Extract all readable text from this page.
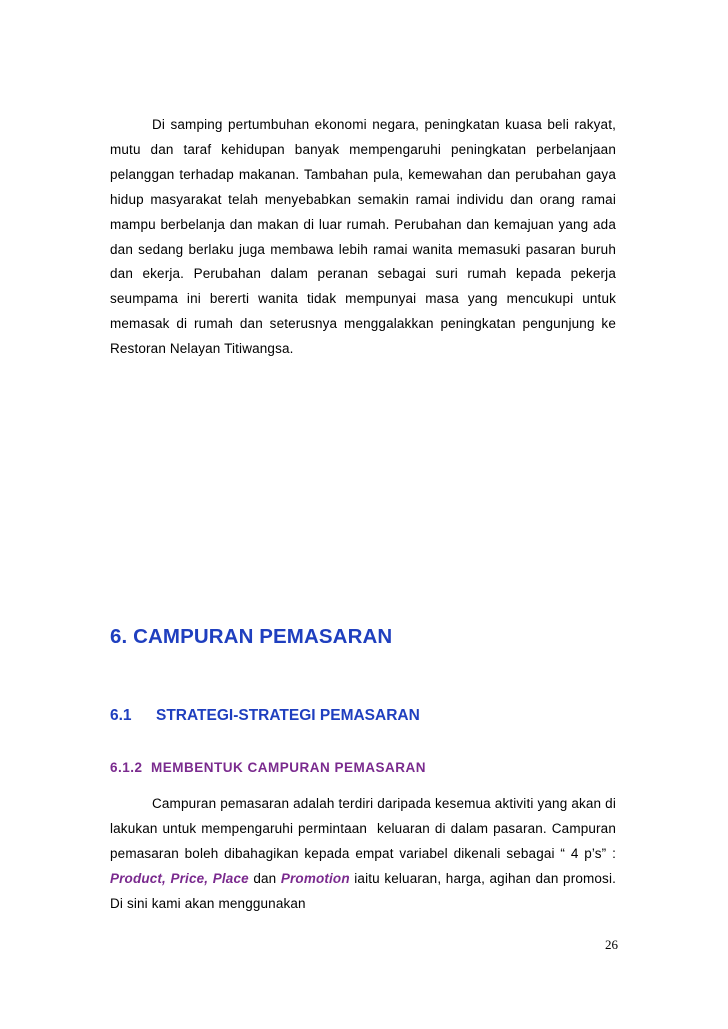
Di samping pertumbuhan ekonomi negara, peningkatan kuasa beli rakyat, mutu dan taraf kehidupan banyak mempengaruhi peningkatan perbelanjaan pelanggan terhadap makanan. Tambahan pula, kemewahan dan perubahan gaya hidup masyarakat telah menyebabkan semakin ramai individu dan orang ramai mampu berbelanja dan makan di luar rumah. Perubahan dan kemajuan yang ada dan sedang berlaku juga membawa lebih ramai wanita memasuki pasaran buruh dan ekerja. Perubahan dalam peranan sebagai suri rumah kepada pekerja seumpama ini bererti wanita tidak mempunyai masa yang mencukupi untuk memasak di rumah dan seterusnya menggalakkan peningkatan pengunjung ke Restoran Nelayan Titiwangsa.

6. CAMPURAN PEMASARAN
6.1 STRATEGI-STRATEGI PEMASARAN
6.1.2  MEMBENTUK CAMPURAN PEMASARAN

Campuran pemasaran adalah terdiri daripada kesemua aktiviti yang akan di  lakukan untuk mempengaruhi permintaan  keluaran di dalam pasaran. Campuran pemasaran boleh dibahagikan kepada empat variabel dikenali sebagai “ 4 p’s” : Product, Price, Place dan Promotion iaitu keluaran, harga, agihan dan promosi. Di sini kami akan menggunakan

26
